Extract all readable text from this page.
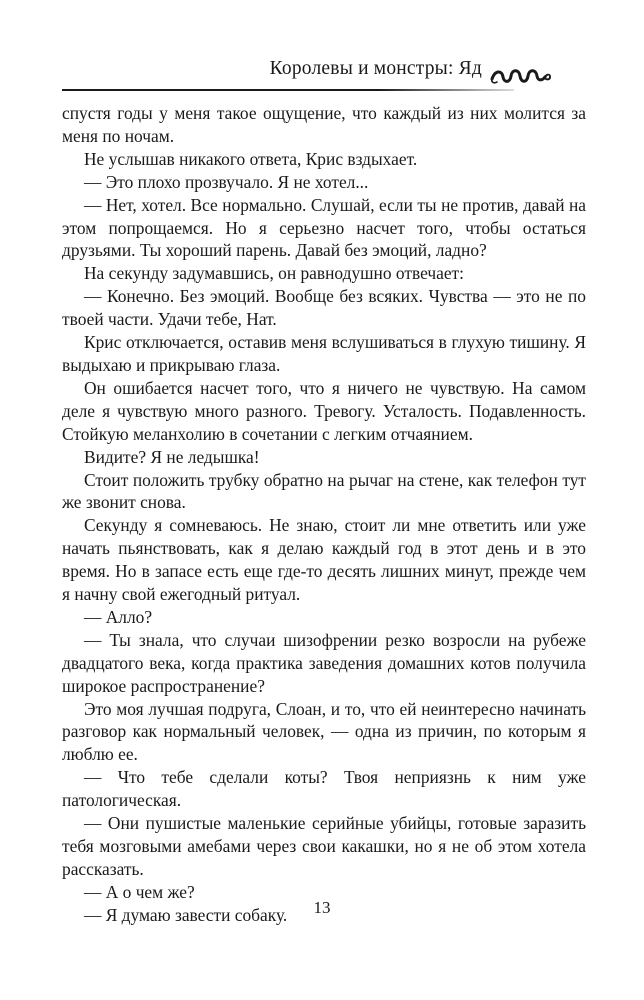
Королевы и монстры: Яд

спустя годы у меня такое ощущение, что каждый из них молится за меня по ночам.

Не услышав никакого ответа, Крис вздыхает.

— Это плохо прозвучало. Я не хотел...

— Нет, хотел. Все нормально. Слушай, если ты не против, давай на этом попрощаемся. Но я серьезно насчет того, чтобы остаться друзьями. Ты хороший парень. Давай без эмоций, ладно?

На секунду задумавшись, он равнодушно отвечает:

— Конечно. Без эмоций. Вообще без всяких. Чувства — это не по твоей части. Удачи тебе, Нат.

Крис отключается, оставив меня вслушиваться в глухую тишину. Я выдыхаю и прикрываю глаза.

Он ошибается насчет того, что я ничего не чувствую. На самом деле я чувствую много разного. Тревогу. Усталость. Подавленность. Стойкую меланхолию в сочетании с легким отчаянием.

Видите? Я не ледышка!

Стоит положить трубку обратно на рычаг на стене, как телефон тут же звонит снова.

Секунду я сомневаюсь. Не знаю, стоит ли мне ответить или уже начать пьянствовать, как я делаю каждый год в этот день и в это время. Но в запасе есть еще где-то десять лишних минут, прежде чем я начну свой ежегодный ритуал.

— Алло?

— Ты знала, что случаи шизофрении резко возросли на рубеже двадцатого века, когда практика заведения домашних котов получила широкое распространение?

Это моя лучшая подруга, Слоан, и то, что ей неинтересно начинать разговор как нормальный человек, — одна из причин, по которым я люблю ее.

— Что тебе сделали коты? Твоя неприязнь к ним уже патологическая.

— Они пушистые маленькие серийные убийцы, готовые заразить тебя мозговыми амебами через свои какашки, но я не об этом хотела рассказать.

— А о чем же?

— Я думаю завести собаку.	13
